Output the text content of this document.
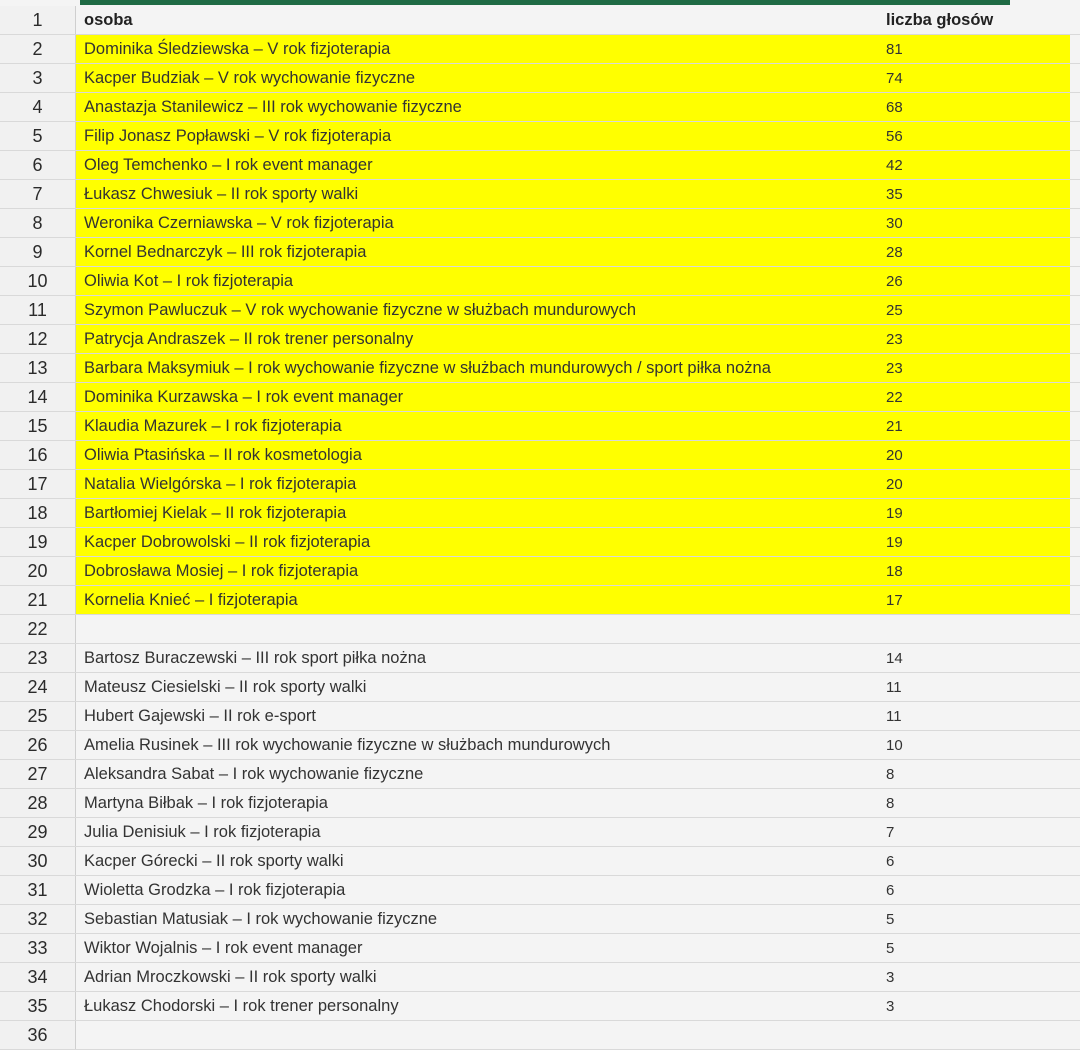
1	osoba	liczba głosów
2	Dominika Śledziewska – V rok fizjoterapia	81
3	Kacper Budziak – V rok wychowanie fizyczne	74
4	Anastazja Stanilewicz – III rok wychowanie fizyczne	68
5	Filip Jonasz Popławski – V rok fizjoterapia	56
6	Oleg Temchenko – I rok event manager	42
7	Łukasz Chwesiuk – II rok sporty walki	35
8	Weronika Czerniawska – V rok fizjoterapia	30
9	Kornel Bednarczyk – III rok fizjoterapia	28
10	Oliwia Kot – I rok fizjoterapia	26
11	Szymon Pawluczuk – V rok wychowanie fizyczne w służbach mundurowych	25
12	Patrycja Andraszek – II rok trener personalny	23
13	Barbara Maksymiuk – I rok wychowanie fizyczne w służbach mundurowych / sport piłka nożna	23
14	Dominika Kurzawska – I rok event manager	22
15	Klaudia Mazurek – I rok fizjoterapia	21
16	Oliwia Ptasińska – II rok kosmetologia	20
17	Natalia Wielgórska – I rok fizjoterapia	20
18	Bartłomiej Kielak – II rok fizjoterapia	19
19	Kacper Dobrowolski – II rok fizjoterapia	19
20	Dobrosława Mosiej – I rok fizjoterapia	18
21	Kornelia Knieć – I fizjoterapia	17
22
23	Bartosz Buraczewski – III rok sport piłka nożna	14
24	Mateusz Ciesielski – II rok sporty walki	11
25	Hubert Gajewski – II rok e-sport	11
26	Amelia Rusinek – III rok wychowanie fizyczne w służbach mundurowych	10
27	Aleksandra Sabat – I rok wychowanie fizyczne	8
28	Martyna Biłbak – I rok fizjoterapia	8
29	Julia Denisiuk – I rok fizjoterapia	7
30	Kacper Górecki – II rok sporty walki	6
31	Wioletta Grodzka – I rok fizjoterapia	6
32	Sebastian Matusiak – I rok wychowanie fizyczne	5
33	Wiktor Wojalnis – I rok event manager	5
34	Adrian Mroczkowski – II rok sporty walki	3
35	Łukasz Chodorski – I rok trener personalny	3
36
